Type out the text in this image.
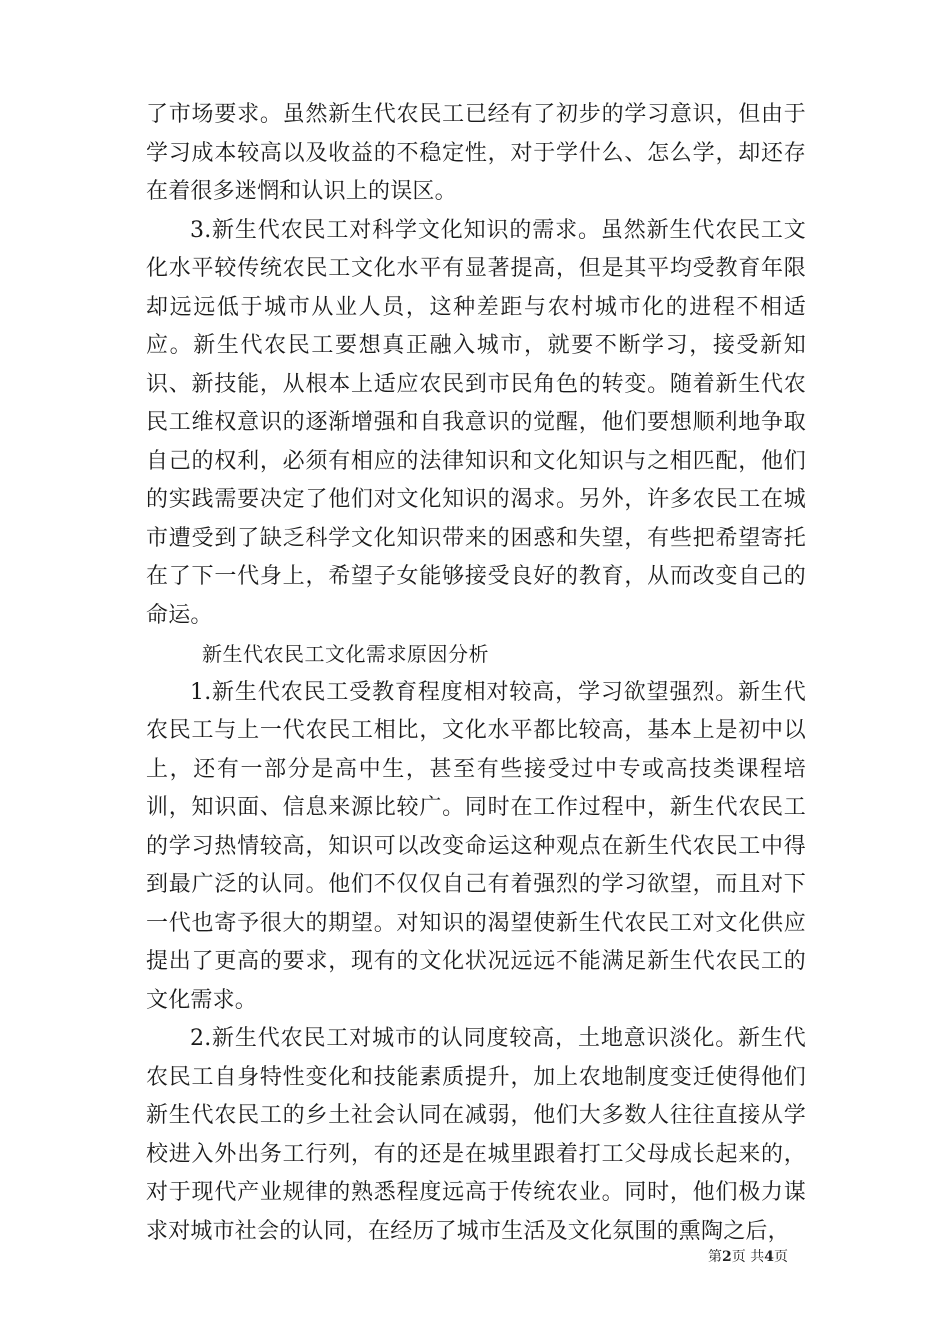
了市场要求。虽然新生代农民工已经有了初步的学习意识，但由于学习成本较高以及收益的不稳定性，对于学什么、怎么学，却还存在着很多迷惘和认识上的误区。

3.新生代农民工对科学文化知识的需求。虽然新生代农民工文化水平较传统农民工文化水平有显著提高，但是其平均受教育年限却远远低于城市从业人员，这种差距与农村城市化的进程不相适应。新生代农民工要想真正融入城市，就要不断学习，接受新知识、新技能，从根本上适应农民到市民角色的转变。随着新生代农民工维权意识的逐渐增强和自我意识的觉醒，他们要想顺利地争取自己的权利，必须有相应的法律知识和文化知识与之相匹配，他们的实践需要决定了他们对文化知识的渴求。另外，许多农民工在城市遭受到了缺乏科学文化知识带来的困惑和失望，有些把希望寄托在了下一代身上，希望子女能够接受良好的教育，从而改变自己的命运。

新生代农民工文化需求原因分析

1.新生代农民工受教育程度相对较高，学习欲望强烈。新生代农民工与上一代农民工相比，文化水平都比较高，基本上是初中以上，还有一部分是高中生，甚至有些接受过中专或高技类课程培训，知识面、信息来源比较广。同时在工作过程中，新生代农民工的学习热情较高，知识可以改变命运这种观点在新生代农民工中得到最广泛的认同。他们不仅仅自己有着强烈的学习欲望，而且对下一代也寄予很大的期望。对知识的渴望使新生代农民工对文化供应提出了更高的要求，现有的文化状况远远不能满足新生代农民工的文化需求。

2.新生代农民工对城市的认同度较高，土地意识淡化。新生代农民工自身特性变化和技能素质提升，加上农地制度变迁使得他们新生代农民工的乡土社会认同在减弱，他们大多数人往往直接从学校进入外出务工行列，有的还是在城里跟着打工父母成长起来的，对于现代产业规律的熟悉程度远高于传统农业。同时，他们极力谋求对城市社会的认同，在经历了城市生活及文化氛围的熏陶之后，

第2页 共4页
